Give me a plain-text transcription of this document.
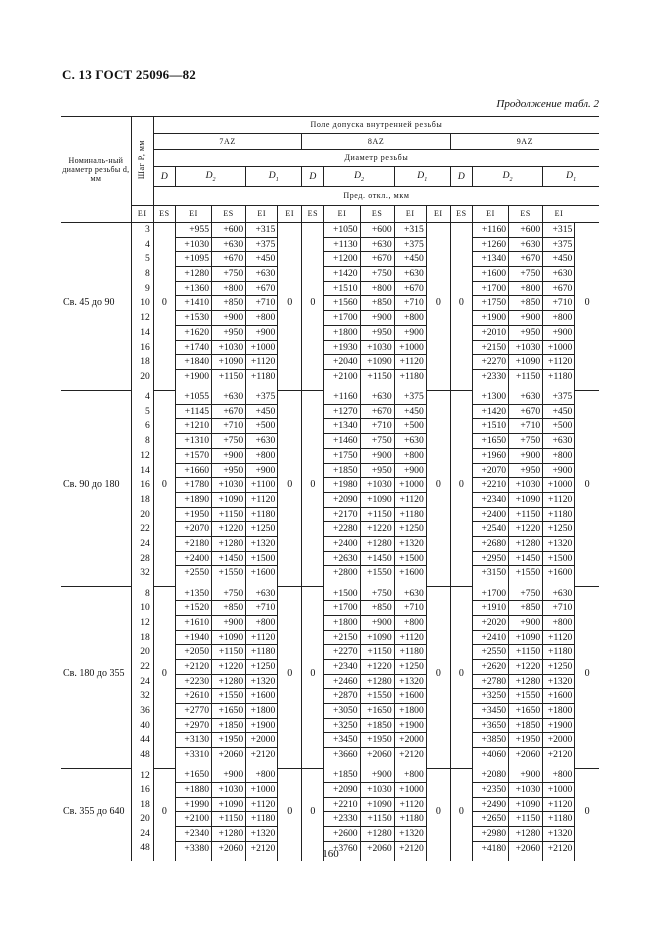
С. 13 ГОСТ 25096—82
Продолжение табл. 2
Номиналь-ный диаметр резьбы d, мм	Шаг P, мм	Поле допуска внутренней резьбы														
		7AZ					8AZ					9AZ				
		Диаметр резьбы														
		D	$D_2$		$D_1$		D	$D_2$		$D_1$		D	$D_2$		$D_1$
		Пред. откл., мкм														
	EI	ES	EI	ES	EI	EI	ES	EI	ES	EI	EI	ES	EI	ES	EI	
Св. 45 до 90	3	0	+955	+600	+315	0	0	+1050	+600	+315	0	0	+1160	+600	+315	0
	4		+1030	+630	+375			+1130	+630	+375			+1260	+630	+375	
	5		+1095	+670	+450			+1200	+670	+450			+1340	+670	+450	
	8		+1280	+750	+630			+1420	+750	+630			+1600	+750	+630	
	9		+1360	+800	+670			+1510	+800	+670			+1700	+800	+670	
	10		+1410	+850	+710			+1560	+850	+710			+1750	+850	+710	
	12		+1530	+900	+800			+1700	+900	+800			+1900	+900	+800	
	14		+1620	+950	+900			+1800	+950	+900			+2010	+950	+900	
	16		+1740	+1030	+1000			+1930	+1030	+1000			+2150	+1030	+1000	
	18		+1840	+1090	+1120			+2040	+1090	+1120			+2270	+1090	+1120	
	20		+1900	+1150	+1180			+2100	+1150	+1180			+2330	+1150	+1180	

Св. 90 до 180	4	0	+1055	+630	+375	0	0	+1160	+630	+375	0	0	+1300	+630	+375	0
	5		+1145	+670	+450			+1270	+670	+450			+1420	+670	+450	
	6		+1210	+710	+500			+1340	+710	+500			+1510	+710	+500	
	8		+1310	+750	+630			+1460	+750	+630			+1650	+750	+630	
	12		+1570	+900	+800			+1750	+900	+800			+1960	+900	+800	
	14		+1660	+950	+900			+1850	+950	+900			+2070	+950	+900	
	16		+1780	+1030	+1100			+1980	+1030	+1000			+2210	+1030	+1000	
	18		+1890	+1090	+1120			+2090	+1090	+1120			+2340	+1090	+1120	
	20		+1950	+1150	+1180			+2170	+1150	+1180			+2400	+1150	+1180	
	22		+2070	+1220	+1250			+2280	+1220	+1250			+2540	+1220	+1250	
	24		+2180	+1280	+1320			+2400	+1280	+1320			+2680	+1280	+1320	
	28		+2400	+1450	+1500			+2630	+1450	+1500			+2950	+1450	+1500	
	32		+2550	+1550	+1600			+2800	+1550	+1600			+3150	+1550	+1600	

Св. 180 до 355	8	0	+1350	+750	+630	0	0	+1500	+750	+630	0	0	+1700	+750	+630	0
	10		+1520	+850	+710			+1700	+850	+710			+1910	+850	+710	
	12		+1610	+900	+800			+1800	+900	+800			+2020	+900	+800	
	18		+1940	+1090	+1120			+2150	+1090	+1120			+2410	+1090	+1120	
	20		+2050	+1150	+1180			+2270	+1150	+1180			+2550	+1150	+1180	
	22		+2120	+1220	+1250			+2340	+1220	+1250			+2620	+1220	+1250	
	24		+2230	+1280	+1320			+2460	+1280	+1320			+2780	+1280	+1320	
	32		+2610	+1550	+1600			+2870	+1550	+1600			+3250	+1550	+1600	
	36		+2770	+1650	+1800			+3050	+1650	+1800			+3450	+1650	+1800	
	40		+2970	+1850	+1900			+3250	+1850	+1900			+3650	+1850	+1900	
	44		+3130	+1950	+2000			+3450	+1950	+2000			+3850	+1950	+2000	
	48		+3310	+2060	+2120			+3660	+2060	+2120			+4060	+2060	+2120	

Св. 355 до 640	12	0	+1650	+900	+800	0	0	+1850	+900	+800	0	0	+2080	+900	+800	0
	16		+1880	+1030	+1000			+2090	+1030	+1000			+2350	+1030	+1000	
	18		+1990	+1090	+1120			+2210	+1090	+1120			+2490	+1090	+1120	
	20		+2100	+1150	+1180			+2330	+1150	+1180			+2650	+1150	+1180	
	24		+2340	+1280	+1320			+2600	+1280	+1320			+2980	+1280	+1320	
	48		+3380	+2060	+2120			+3760	+2060	+2120			+4180	+2060	+2120	

160
